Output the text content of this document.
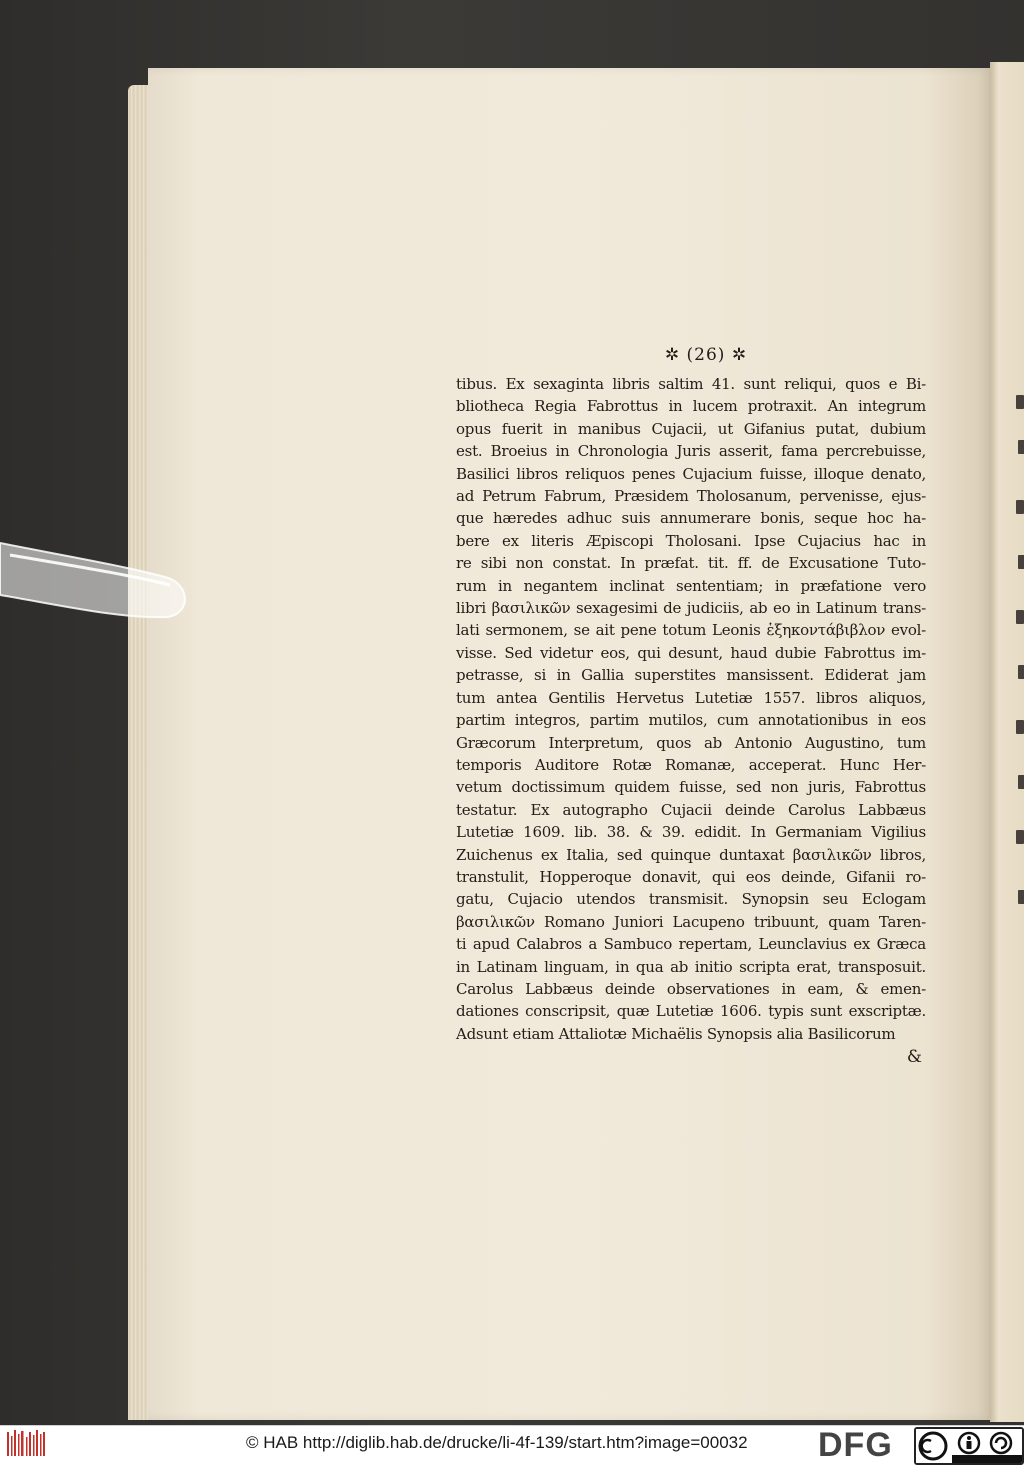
✲ (26) ✲
tibus. Ex sexaginta libris saltim 41. sunt reliqui, quos e Bi-
bliotheca Regia Fabrottus in lucem protraxit. An integrum
opus fuerit in manibus Cujacii, ut Gifanius putat, dubium
est. Broeius in Chronologia Juris asserit, fama percrebuisse,
Basilici libros reliquos penes Cujacium fuisse, illoque denato,
ad Petrum Fabrum, Præsidem Tholosanum, pervenisse, ejus-
que hæredes adhuc suis annumerare bonis, seque hoc ha-
bere ex literis Æpiscopi Tholosani. Ipse Cujacius hac in
re sibi non constat. In præfat. tit. ff. de Excusatione Tuto-
rum in negantem inclinat sententiam; in præfatione vero
libri βασιλικῶν sexagesimi de judiciis, ab eo in Latinum trans-
lati sermonem, se ait pene totum Leonis ἑξηκοντάβιβλον evol-
visse. Sed videtur eos, qui desunt, haud dubie Fabrottus im-
petrasse, si in Gallia superstites mansissent. Ediderat jam
tum antea Gentilis Hervetus Lutetiæ 1557. libros aliquos,
partim integros, partim mutilos, cum annotationibus in eos
Græcorum Interpretum, quos ab Antonio Augustino, tum
temporis Auditore Rotæ Romanæ, acceperat. Hunc Her-
vetum doctissimum quidem fuisse, sed non juris, Fabrottus
testatur. Ex autographo Cujacii deinde Carolus Labbæus
Lutetiæ 1609. lib. 38. & 39. edidit. In Germaniam Vigilius
Zuichenus ex Italia, sed quinque duntaxat βασιλικῶν libros,
transtulit, Hopperoque donavit, qui eos deinde, Gifanii ro-
gatu, Cujacio utendos transmisit. Synopsin seu Eclogam
βασιλικῶν Romano Juniori Lacupeno tribuunt, quam Taren-
ti apud Calabros a Sambuco repertam, Leunclavius ex Græca
in Latinam linguam, in qua ab initio scripta erat, transposuit.
Carolus Labbæus deinde observationes in eam, & emen-
dationes conscripsit, quæ Lutetiæ 1606. typis sunt exscriptæ.
Adsunt etiam Attaliotæ Michaëlis Synopsis alia Basilicorum
&
© HAB http://diglib.hab.de/drucke/li-4f-139/start.htm?image=00032 DFG
